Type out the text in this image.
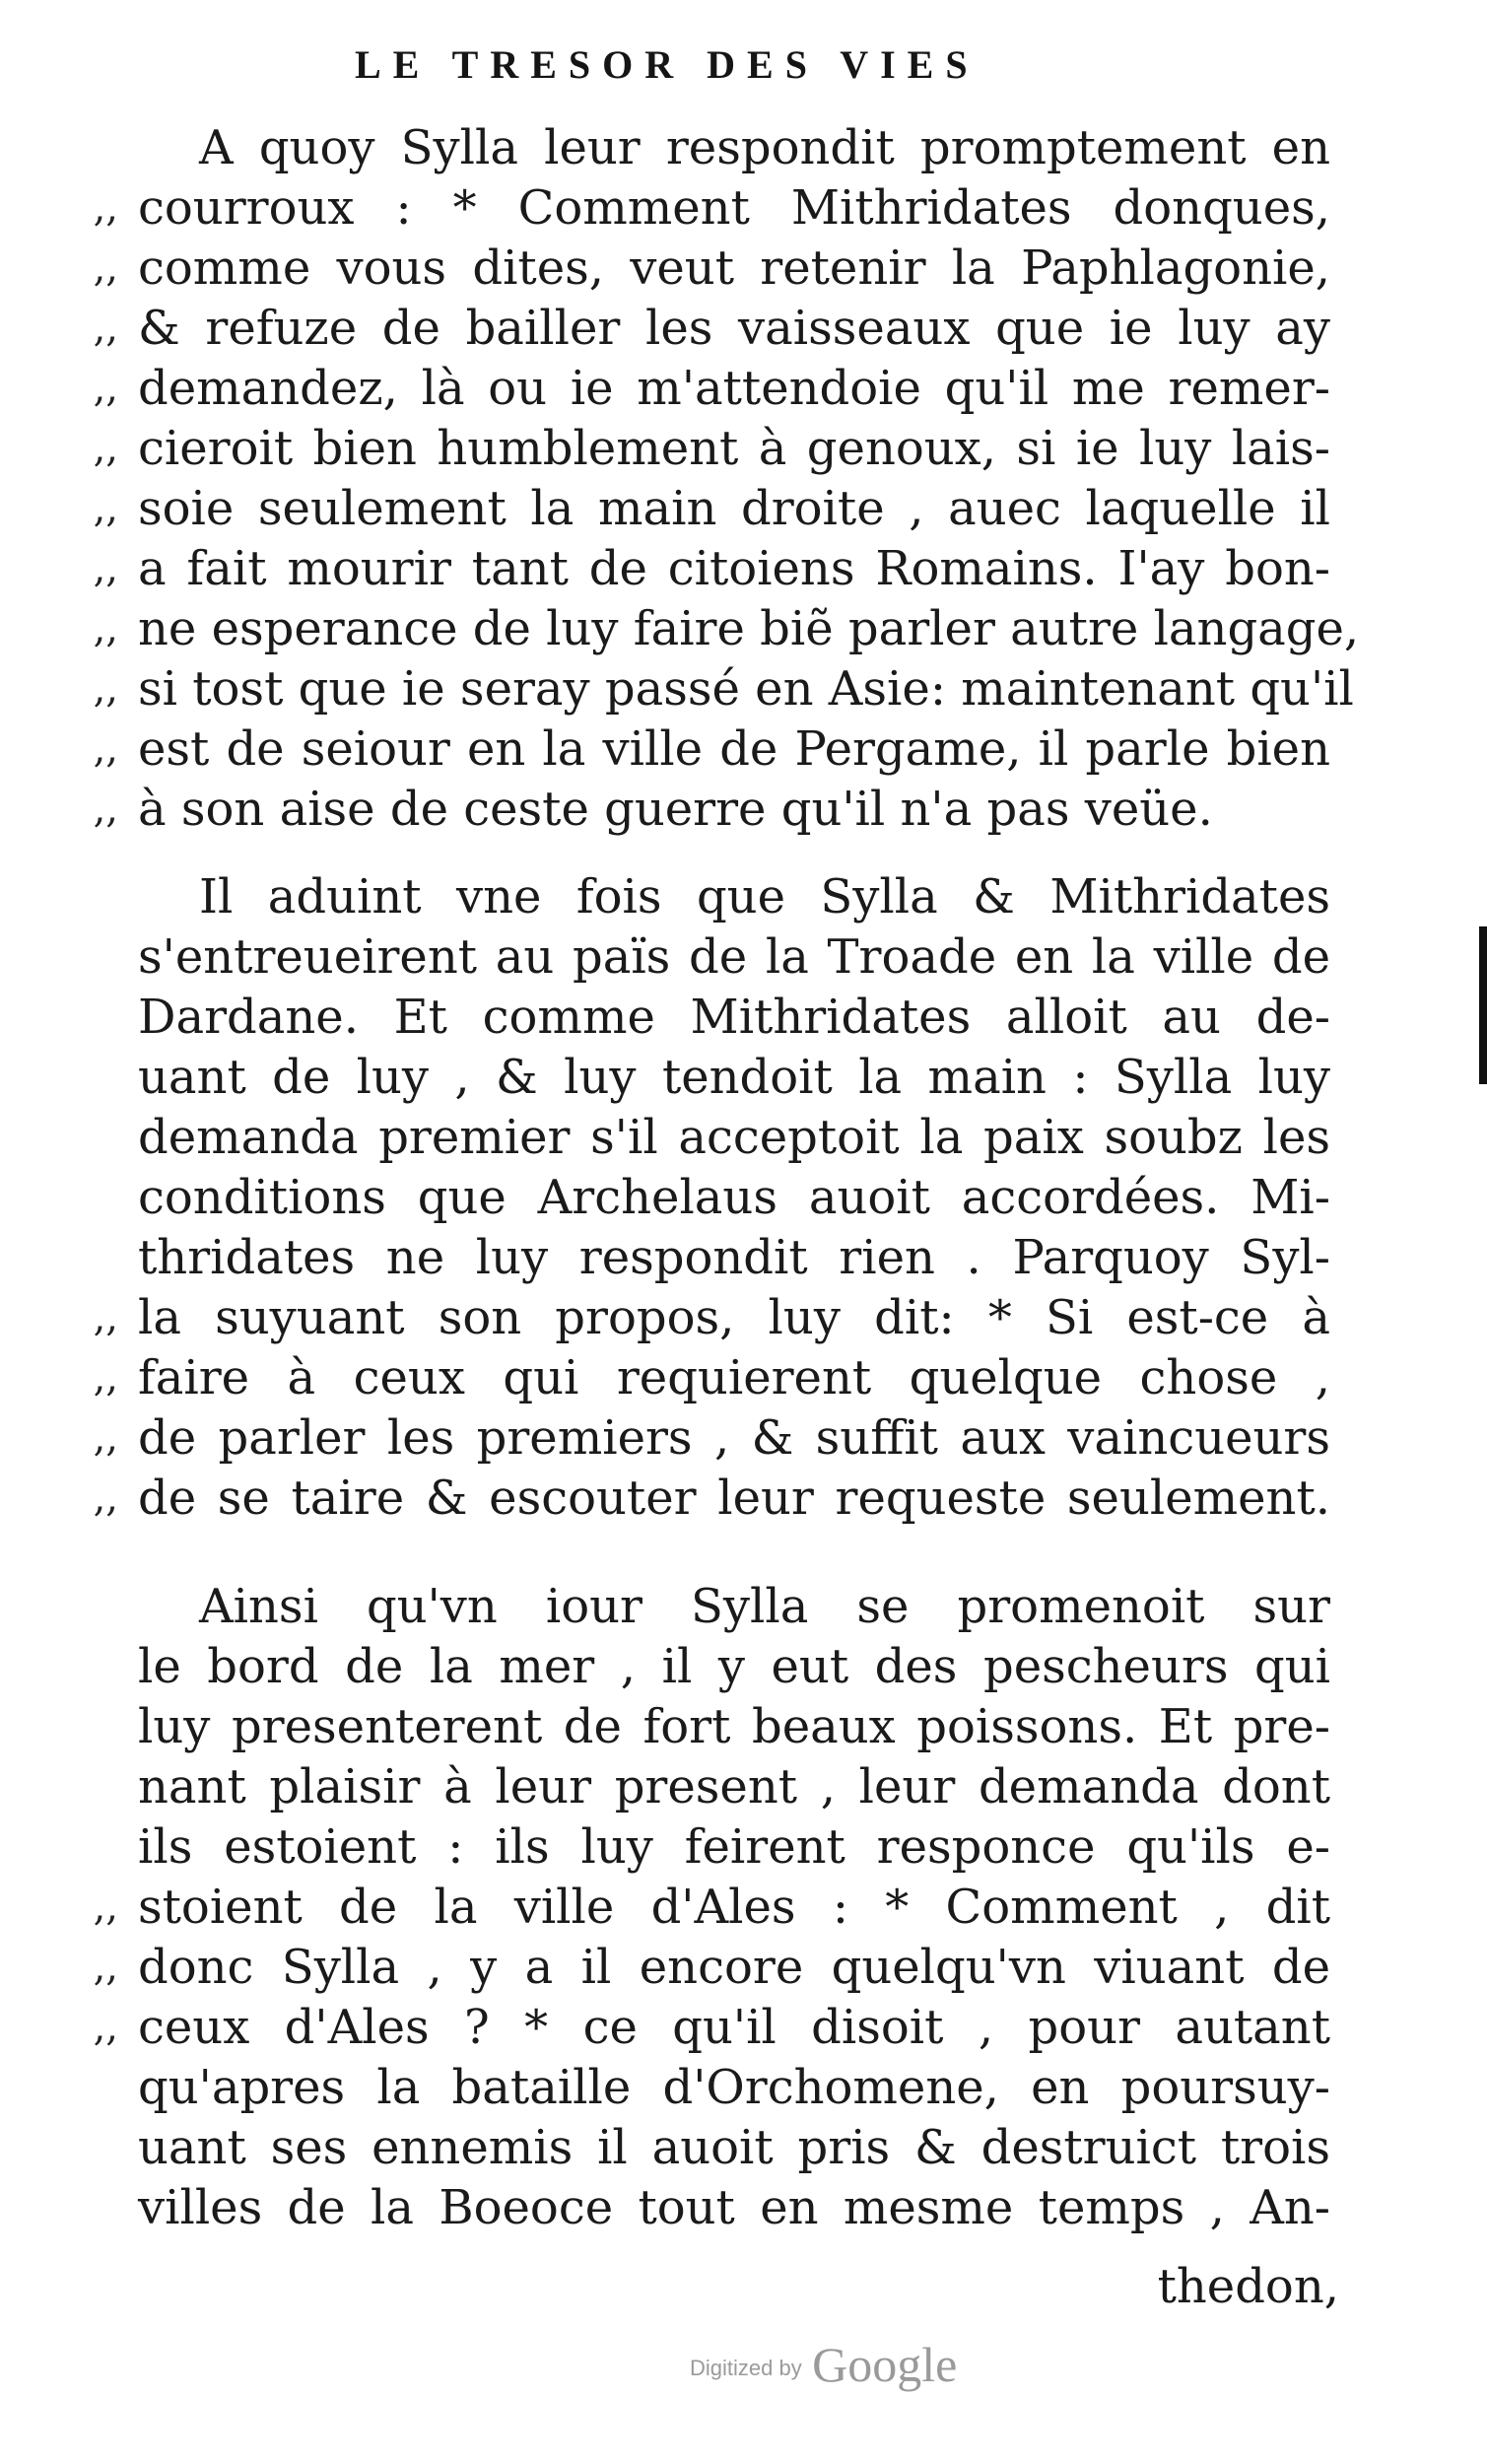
LE TRESOR DES VIES
A quoy Sylla leur respondit promptement en
,, courroux : * Comment Mithridates donques,
,, comme vous dites, veut retenir la Paphlagonie,
,, & refuze de bailler les vaisseaux que ie luy ay
,, demandez, là ou ie m'attendoie qu'il me remer-
,, cieroit bien humblement à genoux, si ie luy lais-
,, soie seulement la main droite , auec laquelle il
,, a fait mourir tant de citoiens Romains. I'ay bon-
,, ne esperance de luy faire biẽ parler autre langage,
,, si tost que ie seray passé en Asie: maintenant qu'il
,, est de seiour en la ville de Pergame, il parle bien
,, à son aise de ceste guerre qu'il n'a pas veüe.
Il aduint vne fois que Sylla & Mithridates
s'entreueirent au païs de la Troade en la ville de
Dardane. Et comme Mithridates alloit au de-
uant de luy , & luy tendoit la main : Sylla luy
demanda premier s'il acceptoit la paix soubz les
conditions que Archelaus auoit accordées. Mi-
thridates ne luy respondit rien . Parquoy Syl-
,, la suyuant son propos, luy dit: * Si est-ce à
,, faire à ceux qui requierent quelque chose ,
,, de parler les premiers , & suffit aux vaincueurs
,, de se taire & escouter leur requeste seulement.
Ainsi qu'vn iour Sylla se promenoit sur
le bord de la mer , il y eut des pescheurs qui
luy presenterent de fort beaux poissons. Et pre-
nant plaisir à leur present , leur demanda dont
ils estoient : ils luy feirent responce qu'ils e-
,, stoient de la ville d'Ales : * Comment , dit
,, donc Sylla , y a il encore quelqu'vn viuant de
,, ceux d'Ales ? * ce qu'il disoit , pour autant
qu'apres la bataille d'Orchomene, en poursuy-
uant ses ennemis il auoit pris & destruict trois
villes de la Boeoce tout en mesme temps , An-
thedon,
Digitized by Google
